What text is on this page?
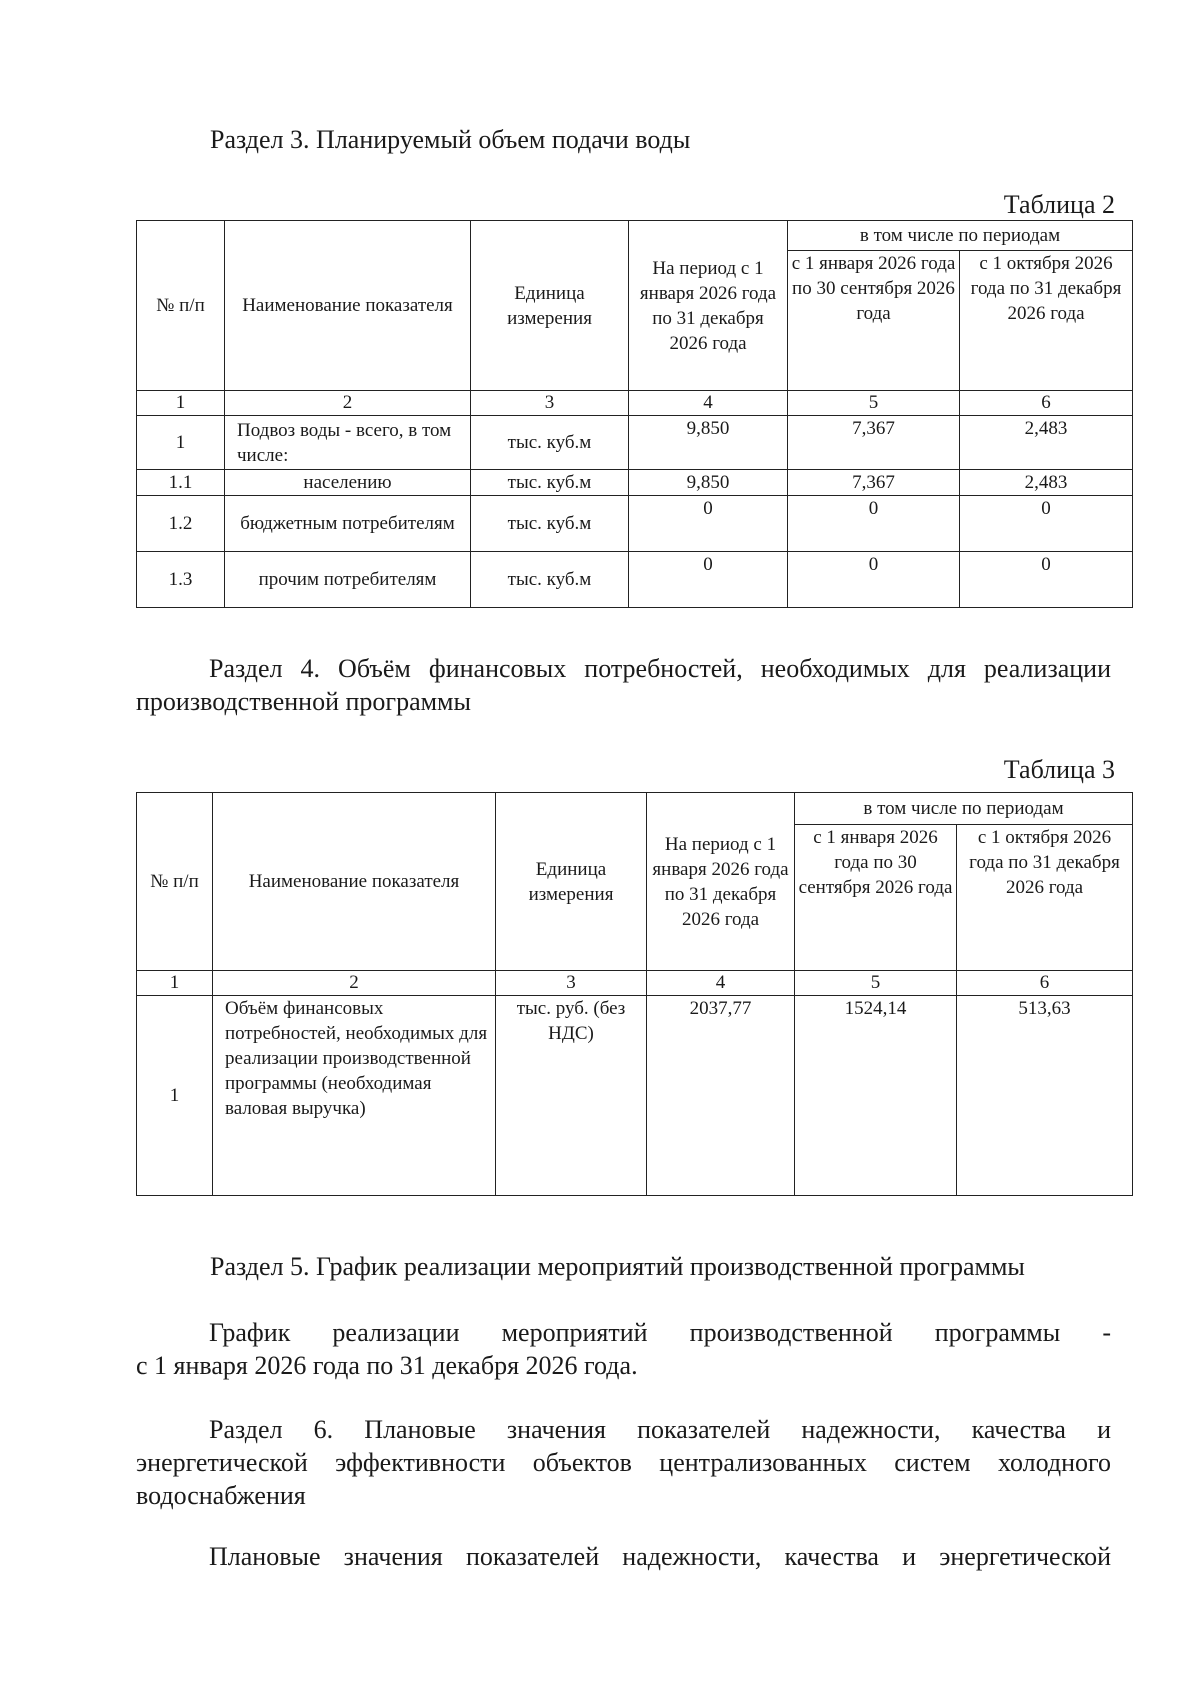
Раздел 3. Планируемый объем подачи воды
Таблица 2
№ п/п	Наименование показателя	Единица измерения	На период с 1 января 2026 года по 31 декабря 2026 года	в том числе по периодам	
				с 1 января 2026 года по 30 сентября 2026 года	с 1 октября 2026 года по 31 декабря 2026 года
1	2	3	4	5	6
1	Подвоз воды - всего, в том числе:	тыс. куб.м	9,850	7,367	2,483
1.1	населению	тыс. куб.м	9,850	7,367	2,483
1.2	бюджетным потребителям	тыс. куб.м	0	0	0
1.3	прочим потребителям	тыс. куб.м	0	0	0
Раздел 4. Объём финансовых потребностей, необходимых для реализации производственной программы
Таблица 3
№ п/п	Наименование показателя	Единица измерения	На период с 1 января 2026 года по 31 декабря 2026 года	в том числе по периодам	
				с 1 января 2026 года по 30 сентября 2026 года	с 1 октября 2026 года по 31 декабря 2026 года
1	2	3	4	5	6
1	Объём финансовых потребностей, необходимых для реализации производственной программы (необходимая валовая выручка)	тыс. руб. (без НДС)	2037,77	1524,14	513,63
Раздел 5. График реализации мероприятий производственной программы
График реализации мероприятий производственной программы -
с 1 января 2026 года по 31 декабря 2026 года.
Раздел 6. Плановые значения показателей надежности, качества и энергетической эффективности объектов централизованных систем холодного водоснабжения
Плановые значения показателей надежности, качества и энергетической
